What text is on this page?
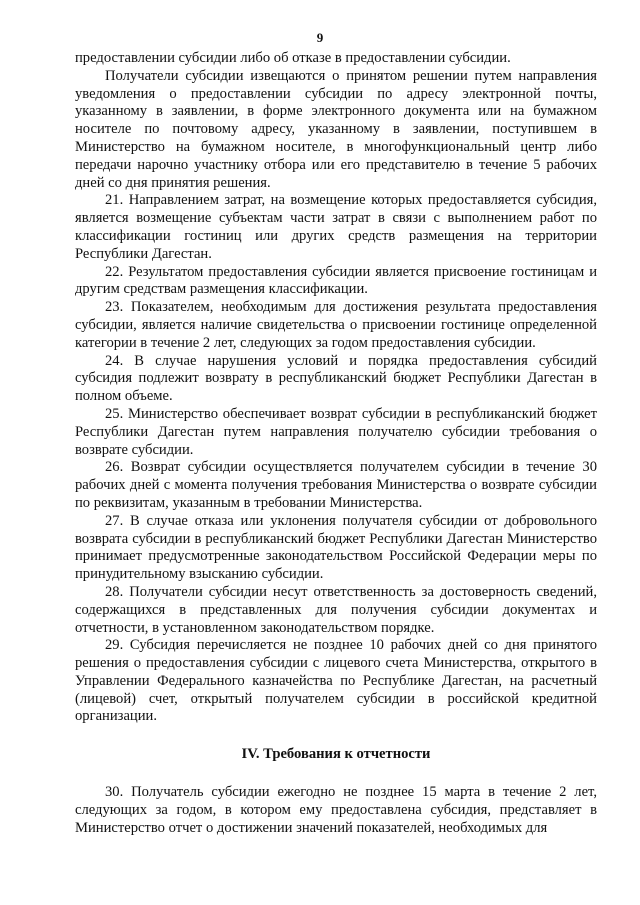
9

предоставлении субсидии либо об отказе в предоставлении субсидии.

Получатели субсидии извещаются о принятом решении путем направления уведомления о предоставлении субсидии по адресу электронной почты, указанному в заявлении, в форме электронного документа или на бумажном носителе по почтовому адресу, указанному в заявлении, поступившем в Министерство на бумажном носителе, в многофункциональный центр либо передачи нарочно участнику отбора или его представителю в течение 5 рабочих дней со дня принятия решения.

21. Направлением затрат, на возмещение которых предоставляется субсидия, является возмещение субъектам части затрат в связи с выполнением работ по классификации гостиниц или других средств размещения на территории Республики Дагестан.

22. Результатом предоставления субсидии является присвоение гостиницам и другим средствам размещения классификации.

23. Показателем, необходимым для достижения результата предоставления субсидии, является наличие свидетельства о присвоении гостинице определенной категории в течение 2 лет, следующих за годом предоставления субсидии.

24. В случае нарушения условий и порядка предоставления субсидий субсидия подлежит возврату в республиканский бюджет Республики Дагестан в полном объеме.

25. Министерство обеспечивает возврат субсидии в республиканский бюджет Республики Дагестан путем направления получателю субсидии требования о возврате субсидии.

26. Возврат субсидии осуществляется получателем субсидии в течение 30 рабочих дней с момента получения требования Министерства о возврате субсидии по реквизитам, указанным в требовании Министерства.

27. В случае отказа или уклонения получателя субсидии от добровольного возврата субсидии в республиканский бюджет Республики Дагестан Министерство принимает предусмотренные законодательством Российской Федерации меры по принудительному взысканию субсидии.

28. Получатели субсидии несут ответственность за достоверность сведений, содержащихся в представленных для получения субсидии документах и отчетности, в установленном законодательством порядке.

29. Субсидия перечисляется не позднее 10 рабочих дней со дня принятого решения о предоставления субсидии с лицевого счета Министерства, открытого в Управлении Федерального казначейства по Республике Дагестан, на расчетный (лицевой) счет, открытый получателем субсидии в российской кредитной организации.

IV. Требования к отчетности

30. Получатель субсидии ежегодно не позднее 15 марта в течение 2 лет, следующих за годом, в котором ему предоставлена субсидия, представляет в Министерство отчет о достижении значений показателей, необходимых для
